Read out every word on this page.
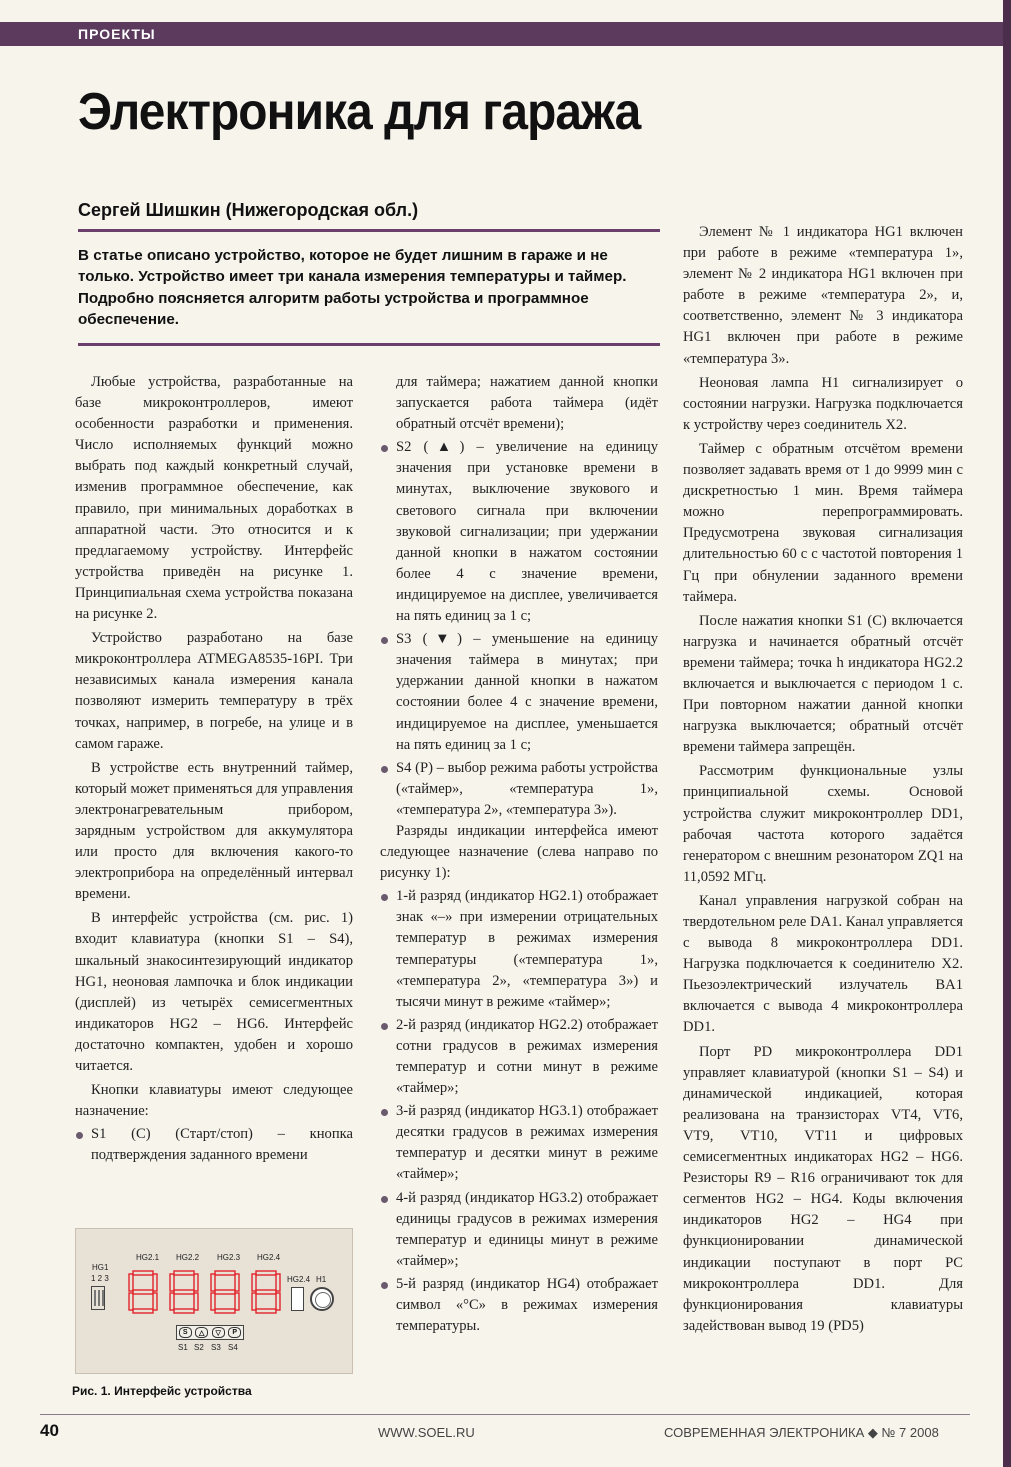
ПРОЕКТЫ
Электроника для гаража
Сергей Шишкин (Нижегородская обл.)
В статье описано устройство, которое не будет лишним в гараже и не только. Устройство имеет три канала измерения температуры и таймер. Подробно поясняется алгоритм работы устройства и программное обеспечение.

Любые устройства, разработанные на базе микроконтроллеров, имеют особенности разработки и применения. Число исполняемых функций можно выбрать под каждый конкретный случай, изменив программное обеспечение, как правило, при минимальных доработках в аппаратной части. Это относится и к предлагаемому устройству. Интерфейс устройства приведён на рисунке 1. Принципиальная схема устройства показана на рисунке 2.

Устройство разработано на базе микроконтроллера ATMEGA8535-16PI. Три независимых канала измерения канала позволяют измерить температуру в трёх точках, например, в погребе, на улице и в самом гараже.

В устройстве есть внутренний таймер, который может применяться для управления электронагревательным прибором, зарядным устройством для аккумулятора или просто для включения какого-то электроприбора на определённый интервал времени.

В интерфейс устройства (см. рис. 1) входит клавиатура (кнопки S1 – S4), шкальный знакосинтезирующий индикатор HG1, неоновая лампочка и блок индикации (дисплей) из четырёх семисегментных индикаторов HG2 – HG6. Интерфейс достаточно компактен, удобен и хорошо читается.

Кнопки клавиатуры имеют следующее назначение:

S1 (С) (Старт/стоп) – кнопка подтверждения заданного времени

для таймера; нажатием данной кнопки запускается работа таймера (идёт обратный отсчёт времени);

S2 (▲) – увеличение на единицу значения при установке времени в минутах, выключение звукового и светового сигнала при включении звуковой сигнализации; при удержании данной кнопки в нажатом состоянии более 4 с значение времени, индицируемое на дисплее, увеличивается на пять единиц за 1 с;
S3 (▼) – уменьшение на единицу значения таймера в минутах; при удержании данной кнопки в нажатом состоянии более 4 с значение времени, индицируемое на дисплее, уменьшается на пять единиц за 1 с;
S4 (Р) – выбор режима работы устройства («таймер», «температура 1», «температура 2», «температура 3»).

Разряды индикации интерфейса имеют следующее назначение (слева направо по рисунку 1):

1-й разряд (индикатор HG2.1) отображает знак «–» при измерении отрицательных температур в режимах измерения температуры («температура 1», «температура 2», «температура 3») и тысячи минут в режиме «таймер»;
2-й разряд (индикатор HG2.2) отображает сотни градусов в режимах измерения температур и сотни минут в режиме «таймер»;
3-й разряд (индикатор HG3.1) отображает десятки градусов в режимах измерения температур и десятки минут в режиме «таймер»;
4-й разряд (индикатор HG3.2) отображает единицы градусов в режимах измерения температур и единицы минут в режиме «таймер»;
5-й разряд (индикатор HG4) отображает символ «°С» в режимах измерения температуры.

Элемент № 1 индикатора HG1 включен при работе в режиме «температура 1», элемент № 2 индикатора HG1 включен при работе в режиме «температура 2», и, соответственно, элемент № 3 индикатора HG1 включен при работе в режиме «температура 3».

Неоновая лампа H1 сигнализирует о состоянии нагрузки. Нагрузка подключается к устройству через соединитель X2.

Таймер с обратным отсчётом времени позволяет задавать время от 1 до 9999 мин с дискретностью 1 мин. Время таймера можно перепрограммировать. Предусмотрена звуковая сигнализация длительностью 60 с с частотой повторения 1 Гц при обнулении заданного времени таймера.

После нажатия кнопки S1 (С) включается нагрузка и начинается обратный отсчёт времени таймера; точка h индикатора HG2.2 включается и выключается с периодом 1 с. При повторном нажатии данной кнопки нагрузка выключается; обратный отсчёт времени таймера запрещён.

Рассмотрим функциональные узлы принципиальной схемы. Основой устройства служит микроконтроллер DD1, рабочая частота которого задаётся генератором с внешним резонатором ZQ1 на 11,0592 МГц.

Канал управления нагрузкой собран на твердотельном реле DA1. Канал управляется с вывода 8 микроконтроллера DD1. Нагрузка подключается к соединителю X2. Пьезоэлектрический излучатель BA1 включается с вывода 4 микроконтроллера DD1.

Порт PD микроконтроллера DD1 управляет клавиатурой (кнопки S1 – S4) и динамической индикацией, которая реализована на транзисторах VT4, VT6, VT9, VT10, VT11 и цифровых семисегментных индикаторах HG2 – HG6. Резисторы R9 – R16 ограничивают ток для сегментов HG2 – HG4. Коды включения индикаторов HG2 – HG4 при функционировании динамической индикации поступают в порт PC микроконтроллера DD1. Для функционирования клавиатуры задействован вывод 19 (PD5)

HG1
1 2 3
HG2.1 HG2.2 HG2.3 HG2.4
HG2.4 H1
S	△	▽	P
S1 S2 S3 S4
Рис. 1. Интерфейс устройства
40	WWW.SOEL.RU	СОВРЕМЕННАЯ ЭЛЕКТРОНИКА ◆ № 7 2008
